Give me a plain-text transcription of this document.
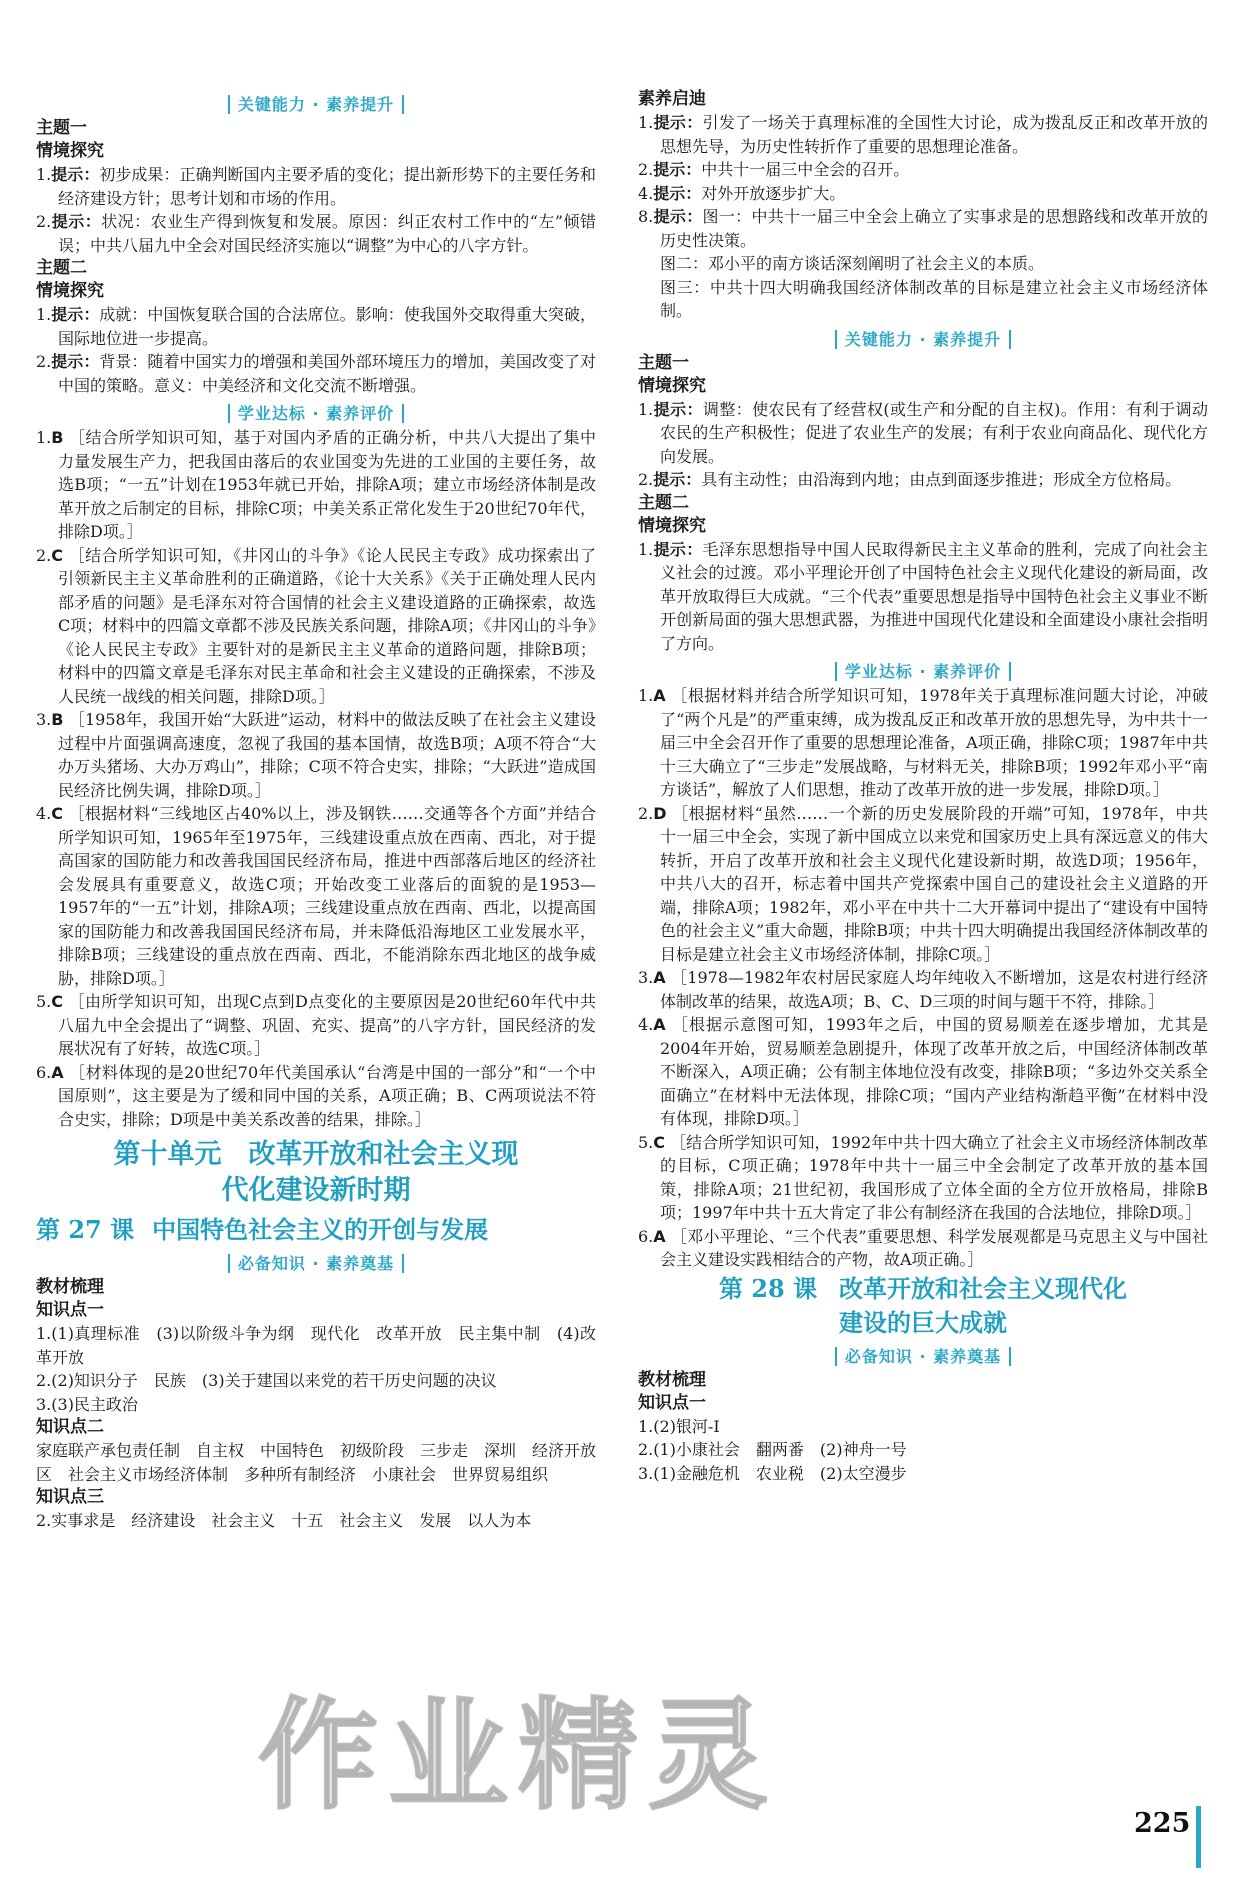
关键能力 · 素养提升

主题一

情境探究

1.提示：初步成果：正确判断国内主要矛盾的变化；提出新形势下的主要任务和经济建设方针；思考计划和市场的作用。

2.提示：状况：农业生产得到恢复和发展。原因：纠正农村工作中的“左”倾错误；中共八届九中全会对国民经济实施以“调整”为中心的八字方针。

主题二

情境探究

1.提示：成就：中国恢复联合国的合法席位。影响：使我国外交取得重大突破，国际地位进一步提高。

2.提示：背景：随着中国实力的增强和美国外部环境压力的增加，美国改变了对中国的策略。意义：中美经济和文化交流不断增强。

学业达标 · 素养评价

1.B ［结合所学知识可知，基于对国内矛盾的正确分析，中共八大提出了集中力量发展生产力，把我国由落后的农业国变为先进的工业国的主要任务，故选B项；“一五”计划在1953年就已开始，排除A项；建立市场经济体制是改革开放之后制定的目标，排除C项；中美关系正常化发生于20世纪70年代，排除D项。］

2.C ［结合所学知识可知，《井冈山的斗争》《论人民民主专政》成功探索出了引领新民主主义革命胜利的正确道路，《论十大关系》《关于正确处理人民内部矛盾的问题》是毛泽东对符合国情的社会主义建设道路的正确探索，故选C项；材料中的四篇文章都不涉及民族关系问题，排除A项；《井冈山的斗争》《论人民民主专政》主要针对的是新民主主义革命的道路问题，排除B项；材料中的四篇文章是毛泽东对民主革命和社会主义建设的正确探索，不涉及人民统一战线的相关问题，排除D项。］

3.B ［1958年，我国开始“大跃进”运动，材料中的做法反映了在社会主义建设过程中片面强调高速度，忽视了我国的基本国情，故选B项；A项不符合“大办万头猪场、大办万鸡山”，排除；C项不符合史实，排除；“大跃进”造成国民经济比例失调，排除D项。］

4.C ［根据材料“三线地区占40%以上，涉及钢铁……交通等各个方面”并结合所学知识可知，1965年至1975年，三线建设重点放在西南、西北，对于提高国家的国防能力和改善我国国民经济布局，推进中西部落后地区的经济社会发展具有重要意义，故选C项；开始改变工业落后的面貌的是1953—1957年的“一五”计划，排除A项；三线建设重点放在西南、西北，以提高国家的国防能力和改善我国国民经济布局，并未降低沿海地区工业发展水平，排除B项；三线建设的重点放在西南、西北，不能消除东西北地区的战争威胁，排除D项。］

5.C ［由所学知识可知，出现C点到D点变化的主要原因是20世纪60年代中共八届九中全会提出了“调整、巩固、充实、提高”的八字方针，国民经济的发展状况有了好转，故选C项。］

6.A ［材料体现的是20世纪70年代美国承认“台湾是中国的一部分”和“一个中国原则”，这主要是为了缓和同中国的关系，A项正确；B、C两项说法不符合史实，排除；D项是中美关系改善的结果，排除。］

第十单元　改革开放和社会主义现
代化建设新时期

第 27 课 中国特色社会主义的开创与发展

必备知识 · 素养奠基

教材梳理

知识点一

1.(1)真理标准　(3)以阶级斗争为纲　现代化　改革开放　民主集中制　(4)改革开放

2.(2)知识分子　民族　(3)关于建国以来党的若干历史问题的决议

3.(3)民主政治

知识点二

家庭联产承包责任制　自主权　中国特色　初级阶段　三步走　深圳　经济开放区　社会主义市场经济体制　多种所有制经济　小康社会　世界贸易组织

知识点三

2.实事求是　经济建设　社会主义　十五　社会主义　发展　以人为本

素养启迪

1.提示：引发了一场关于真理标准的全国性大讨论，成为拨乱反正和改革开放的思想先导，为历史性转折作了重要的思想理论准备。

2.提示：中共十一届三中全会的召开。

4.提示：对外开放逐步扩大。

8.提示：图一：中共十一届三中全会上确立了实事求是的思想路线和改革开放的历史性决策。

图二：邓小平的南方谈话深刻阐明了社会主义的本质。

图三：中共十四大明确我国经济体制改革的目标是建立社会主义市场经济体制。

关键能力 · 素养提升

主题一

情境探究

1.提示：调整：使农民有了经营权(或生产和分配的自主权)。作用：有利于调动农民的生产积极性；促进了农业生产的发展；有利于农业向商品化、现代化方向发展。

2.提示：具有主动性；由沿海到内地；由点到面逐步推进；形成全方位格局。

主题二

情境探究

1.提示：毛泽东思想指导中国人民取得新民主主义革命的胜利，完成了向社会主义社会的过渡。邓小平理论开创了中国特色社会主义现代化建设的新局面，改革开放取得巨大成就。“三个代表”重要思想是指导中国特色社会主义事业不断开创新局面的强大思想武器，为推进中国现代化建设和全面建设小康社会指明了方向。

学业达标 · 素养评价

1.A ［根据材料并结合所学知识可知，1978年关于真理标准问题大讨论，冲破了“两个凡是”的严重束缚，成为拨乱反正和改革开放的思想先导，为中共十一届三中全会召开作了重要的思想理论准备，A项正确，排除C项；1987年中共十三大确立了“三步走”发展战略，与材料无关，排除B项；1992年邓小平“南方谈话”，解放了人们思想，推动了改革开放的进一步发展，排除D项。］

2.D ［根据材料“虽然……一个新的历史发展阶段的开端”可知，1978年，中共十一届三中全会，实现了新中国成立以来党和国家历史上具有深远意义的伟大转折，开启了改革开放和社会主义现代化建设新时期，故选D项；1956年，中共八大的召开，标志着中国共产党探索中国自己的建设社会主义道路的开端，排除A项；1982年，邓小平在中共十二大开幕词中提出了“建设有中国特色的社会主义”重大命题，排除B项；中共十四大明确提出我国经济体制改革的目标是建立社会主义市场经济体制，排除C项。］

3.A ［1978—1982年农村居民家庭人均年纯收入不断增加，这是农村进行经济体制改革的结果，故选A项；B、C、D三项的时间与题干不符，排除。］

4.A ［根据示意图可知，1993年之后，中国的贸易顺差在逐步增加，尤其是2004年开始，贸易顺差急剧提升，体现了改革开放之后，中国经济体制改革不断深入，A项正确；公有制主体地位没有改变，排除B项；“多边外交关系全面确立”在材料中无法体现，排除C项；“国内产业结构渐趋平衡”在材料中没有体现，排除D项。］

5.C ［结合所学知识可知，1992年中共十四大确立了社会主义市场经济体制改革的目标，C项正确；1978年中共十一届三中全会制定了改革开放的基本国策，排除A项；21世纪初，我国形成了立体全面的全方位开放格局，排除B项；1997年中共十五大肯定了非公有制经济在我国的合法地位，排除D项。］

6.A ［邓小平理论、“三个代表”重要思想、科学发展观都是马克思主义与中国社会主义建设实践相结合的产物，故A项正确。］

第 28 课 改革开放和社会主义现代化
建设的巨大成就

必备知识 · 素养奠基

教材梳理

知识点一

1.(2)银河-Ⅰ

2.(1)小康社会　翻两番　(2)神舟一号

3.(1)金融危机　农业税　(2)太空漫步

225
作业精灵
